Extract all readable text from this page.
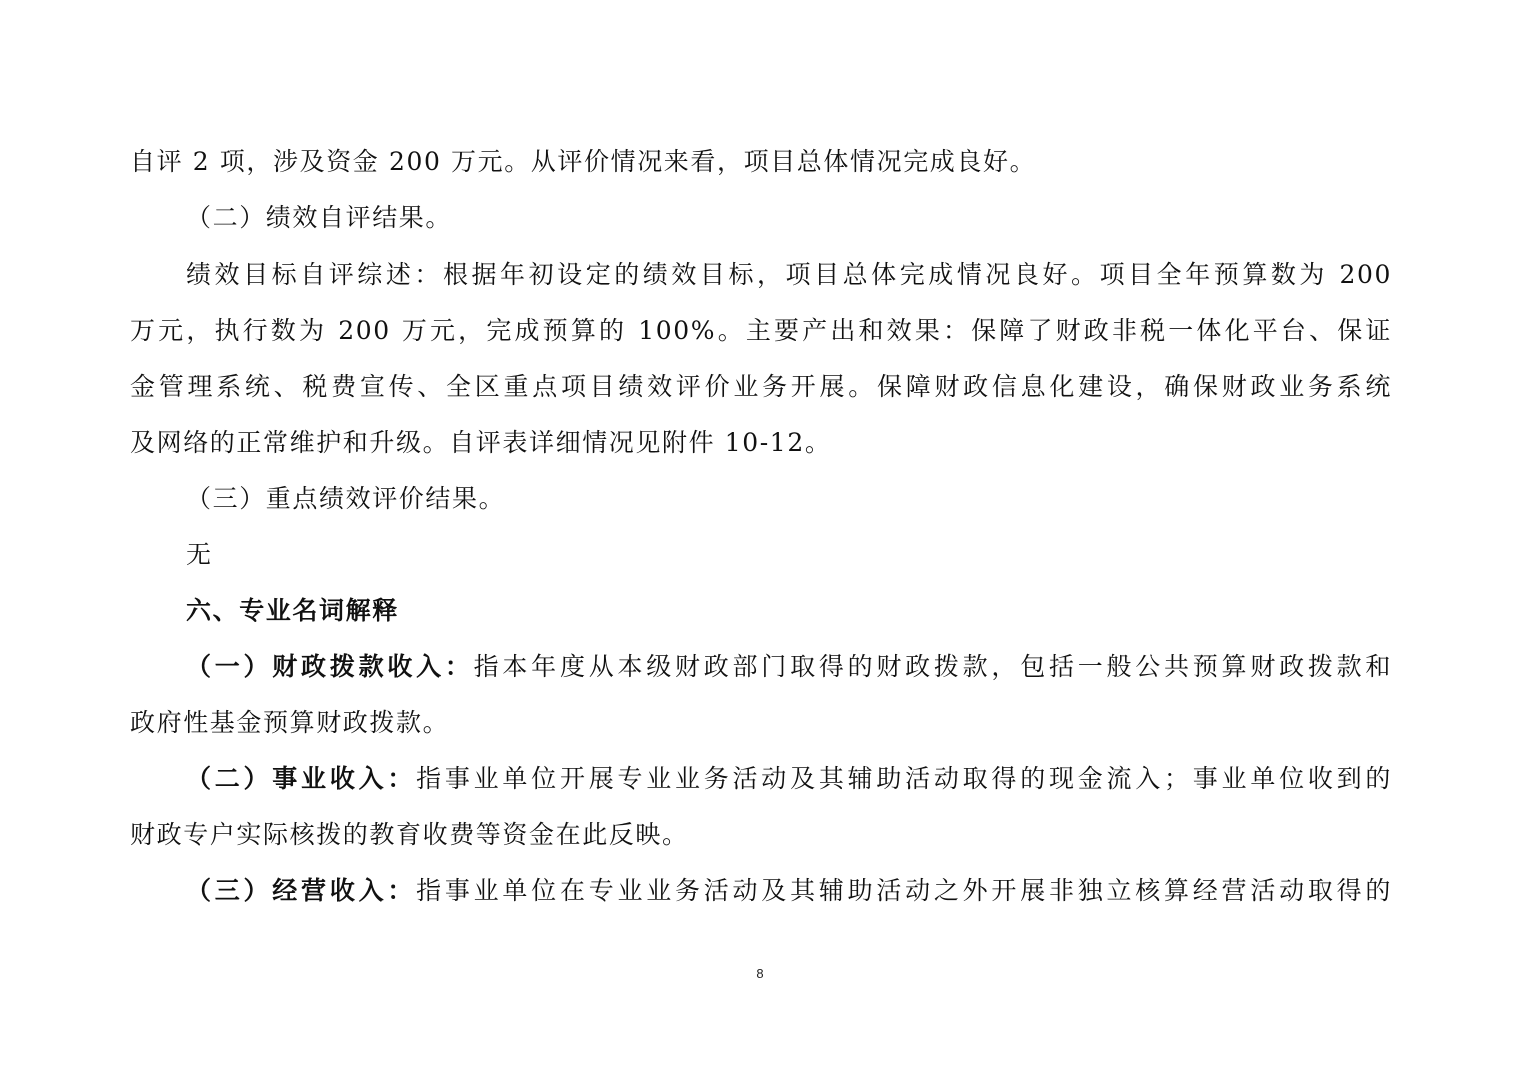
自评 2 项，涉及资金 200 万元。从评价情况来看，项目总体情况完成良好。
（二）绩效自评结果。
绩效目标自评综述：根据年初设定的绩效目标，项目总体完成情况良好。项目全年预算数为 200
万元，执行数为 200 万元，完成预算的 100%。主要产出和效果：保障了财政非税一体化平台、保证
金管理系统、税费宣传、全区重点项目绩效评价业务开展。保障财政信息化建设，确保财政业务系统
及网络的正常维护和升级。自评表详细情况见附件 10-12。
（三）重点绩效评价结果。
无
六、专业名词解释
（一）财政拨款收入：指本年度从本级财政部门取得的财政拨款，包括一般公共预算财政拨款和
政府性基金预算财政拨款。
（二）事业收入：指事业单位开展专业业务活动及其辅助活动取得的现金流入；事业单位收到的
财政专户实际核拨的教育收费等资金在此反映。
（三）经营收入：指事业单位在专业业务活动及其辅助活动之外开展非独立核算经营活动取得的
8
